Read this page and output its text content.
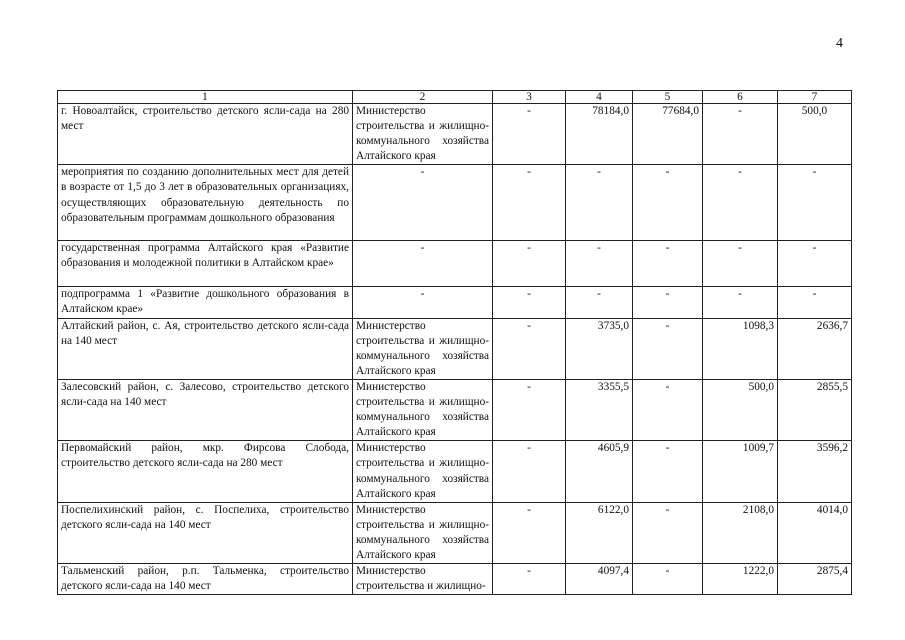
4
1	2	3	4	5	6	7
г. Новоалтайск, строительство детского ясли-сада на 280 мест	Министерство строительства и жилищно-коммунального хозяйства Алтайского края	-	78184,0	77684,0	-	500,0
мероприятия по созданию дополнительных мест для детей в возрасте от 1,5 до 3 лет в образовательных организациях, осуществляющих образовательную деятельность по образовательным программам дошкольного образования	-	-	-	-	-	-
государственная программа Алтайского края «Развитие образования и молодежной политики в Алтайском крае»	-	-	-	-	-	-
подпрограмма 1 «Развитие дошкольного образования в Алтайском крае»	-	-	-	-	-	-
Алтайский район, с. Ая, строительство детского ясли-сада на 140 мест	Министерство строительства и жилищно-коммунального хозяйства Алтайского края	-	3735,0	-	1098,3	2636,7
Залесовский район, с. Залесово, строительство детского ясли-сада на 140 мест	Министерство строительства и жилищно-коммунального хозяйства Алтайского края	-	3355,5	-	500,0	2855,5
Первомайский район, мкр. Фирсова Слобода, строительство детского ясли-сада на 280 мест	Министерство строительства и жилищно-коммунального хозяйства Алтайского края	-	4605,9	-	1009,7	3596,2
Поспелихинский район, с. Поспелиха, строительство детского ясли-сада на 140 мест	Министерство строительства и жилищно-коммунального хозяйства Алтайского края	-	6122,0	-	2108,0	4014,0
Тальменский район, р.п. Тальменка, строительство детского ясли-сада на 140 мест	Министерство строительства и жилищно-	-	4097,4	-	1222,0	2875,4
